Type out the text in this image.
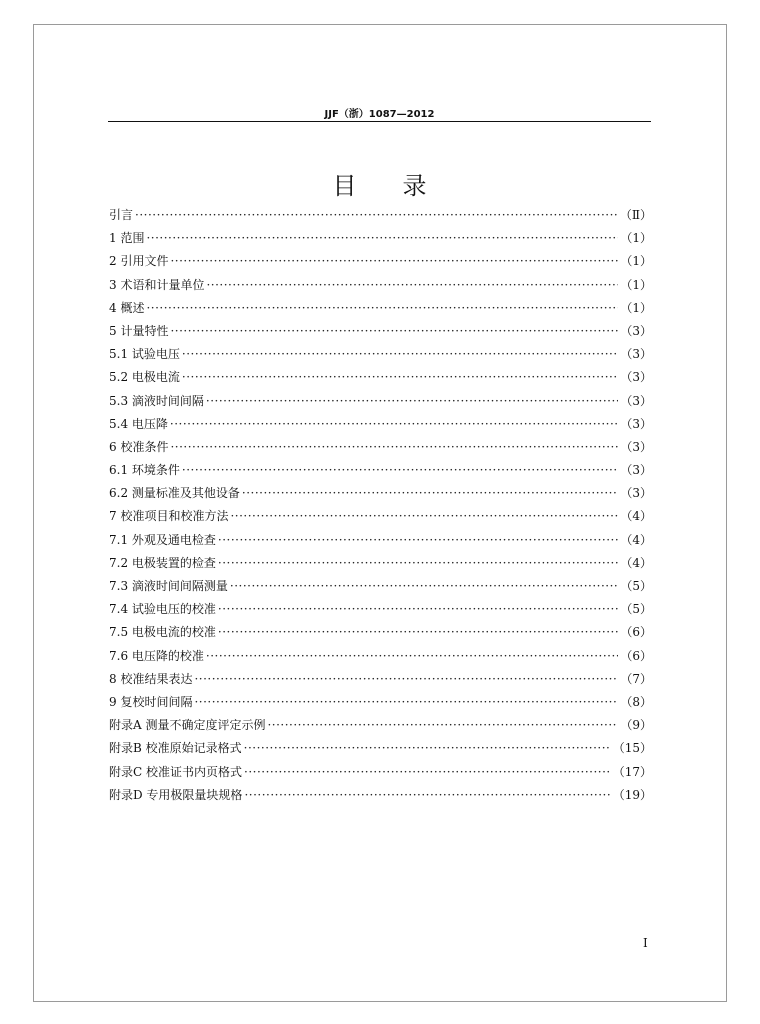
JJF（浙）1087—2012
目录
引言 ·····	（Ⅱ）
1 范围 ·····	（1）
2 引用文件 ·····	（1）
3 术语和计量单位 ·····	（1）
4 概述 ·····	（1）
5 计量特性 ·····	（3）
5.1 试验电压 ·····	（3）
5.2 电极电流 ·····	（3）
5.3 滴液时间间隔 ·····	（3）
5.4 电压降 ·····	（3）
6 校准条件 ·····	（3）
6.1 环境条件 ·····	（3）
6.2 测量标准及其他设备 ·····	（3）
7 校准项目和校准方法 ·····	（4）
7.1 外观及通电检查 ·····	（4）
7.2 电极装置的检查 ·····	（4）
7.3 滴液时间间隔测量 ·····	（5）
7.4 试验电压的校准 ·····	（5）
7.5 电极电流的校准 ·····	（6）
7.6 电压降的校准 ·····	（6）
8 校准结果表达 ·····	（7）
9 复校时间间隔 ·····	（8）
附录A 测量不确定度评定示例 ·····	（9）
附录B 校准原始记录格式 ·····	（15）
附录C 校准证书内页格式 ·····	（17）
附录D 专用极限量块规格 ·····	（19）
I
